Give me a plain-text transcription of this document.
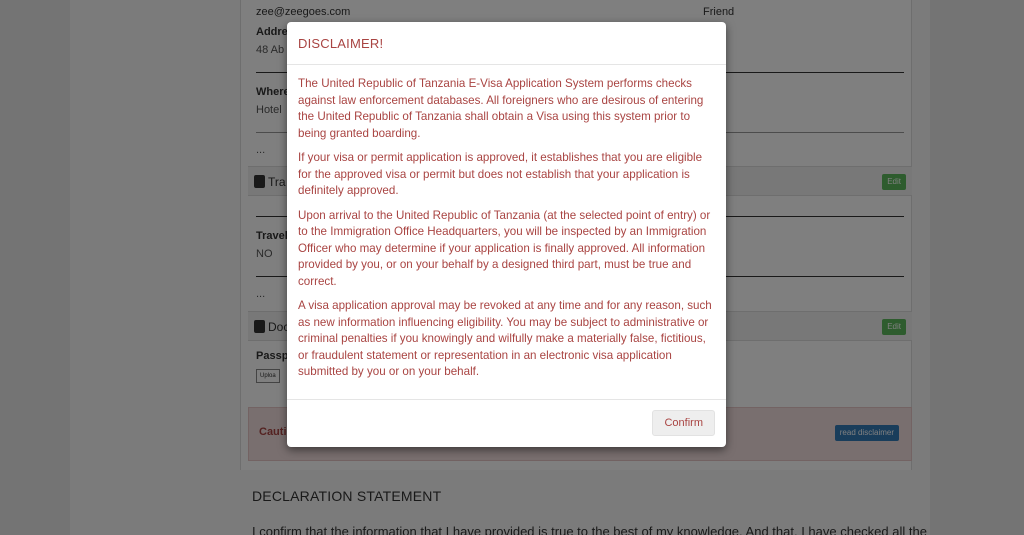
DISCLAIMER!

The United Republic of Tanzania E-Visa Application System performs checks against law enforcement databases. All foreigners who are desirous of entering the United Republic of Tanzania shall obtain a Visa using this system prior to being granted boarding.

If your visa or permit application is approved, it establishes that you are eligible for the approved visa or permit but does not establish that your application is definitely approved.

Upon arrival to the United Republic of Tanzania (at the selected point of entry) or to the Immigration Office Headquarters, you will be inspected by an Immigration Officer who may determine if your application is finally approved. All information provided by you, or on your behalf by a designed third part, must be true and correct.

A visa application approval may be revoked at any time and for any reason, such as new information influencing eligibility. You may be subject to administrative or criminal penalties if you knowingly and wilfully make a materially false, fictitious, or fraudulent statement or representation in an electronic visa application submitted by you or on your behalf.

Confirm
